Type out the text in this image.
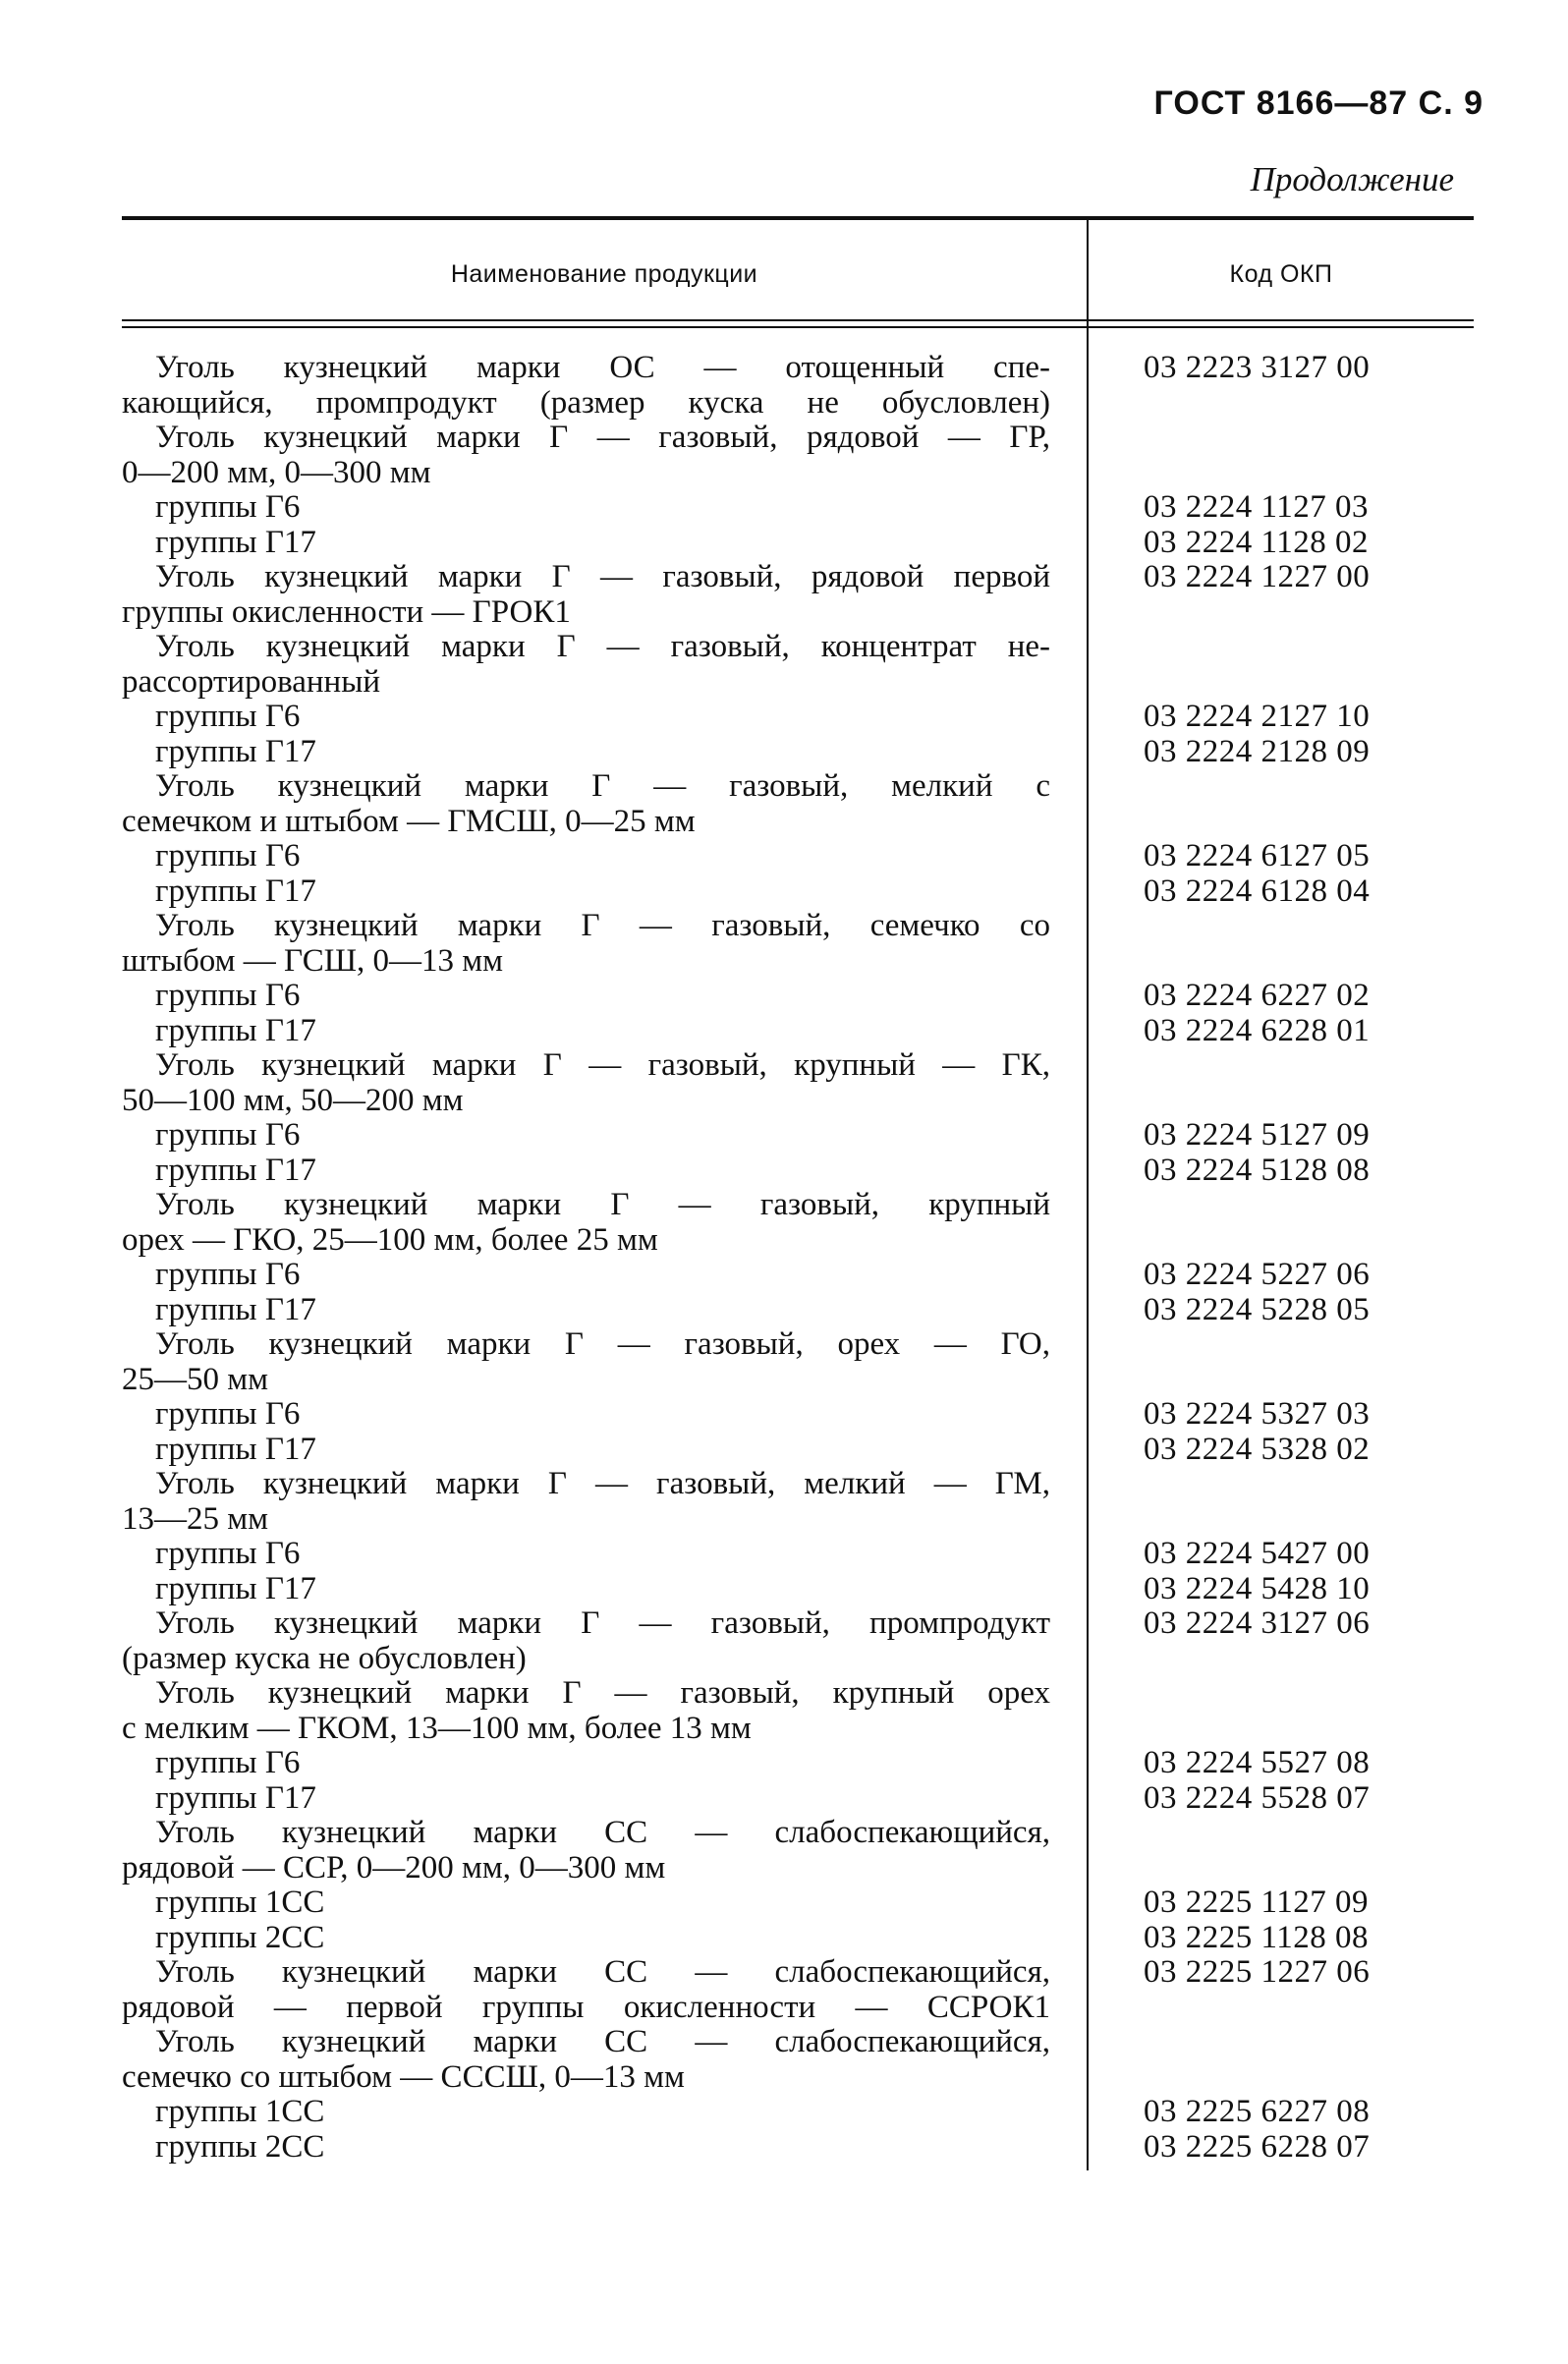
ГОСТ 8166—87 С. 9
Продолжение
Наименование продукции	Код ОКП
Уголь кузнецкий марки ОС — отощенный спе-	03 2223 3127 00
кающийся, промпродукт (размер куска не обусловлен)
Уголь кузнецкий марки Г — газовый, рядовой — ГР,
0—200 мм, 0—300 мм
группы Г6	03 2224 1127 03
группы Г17	03 2224 1128 02
Уголь кузнецкий марки Г — газовый, рядовой первой	03 2224 1227 00
группы окисленности — ГРОК1
Уголь кузнецкий марки Г — газовый, концентрат не-
рассортированный
группы Г6	03 2224 2127 10
группы Г17	03 2224 2128 09
Уголь кузнецкий марки Г — газовый, мелкий с
семечком и штыбом — ГМСШ, 0—25 мм
группы Г6	03 2224 6127 05
группы Г17	03 2224 6128 04
Уголь кузнецкий марки Г — газовый, семечко со
штыбом — ГСШ, 0—13 мм
группы Г6	03 2224 6227 02
группы Г17	03 2224 6228 01
Уголь кузнецкий марки Г — газовый, крупный — ГК,
50—100 мм, 50—200 мм
группы Г6	03 2224 5127 09
группы Г17	03 2224 5128 08
Уголь кузнецкий марки Г — газовый, крупный
орех — ГКО, 25—100 мм, более 25 мм
группы Г6	03 2224 5227 06
группы Г17	03 2224 5228 05
Уголь кузнецкий марки Г — газовый, орех — ГО,
25—50 мм
группы Г6	03 2224 5327 03
группы Г17	03 2224 5328 02
Уголь кузнецкий марки Г — газовый, мелкий — ГМ,
13—25 мм
группы Г6	03 2224 5427 00
группы Г17	03 2224 5428 10
Уголь кузнецкий марки Г — газовый, промпродукт	03 2224 3127 06
(размер куска не обусловлен)
Уголь кузнецкий марки Г — газовый, крупный орех
с мелким — ГКОМ, 13—100 мм, более 13 мм
группы Г6	03 2224 5527 08
группы Г17	03 2224 5528 07
Уголь кузнецкий марки СС — слабоспекающийся,
рядовой — ССР, 0—200 мм, 0—300 мм
группы 1СС	03 2225 1127 09
группы 2СС	03 2225 1128 08
Уголь кузнецкий марки СС — слабоспекающийся,	03 2225 1227 06
рядовой — первой группы окисленности — ССРОК1
Уголь кузнецкий марки СС — слабоспекающийся,
семечко со штыбом — СССШ, 0—13 мм
группы 1СС	03 2225 6227 08
группы 2СС	03 2225 6228 07
